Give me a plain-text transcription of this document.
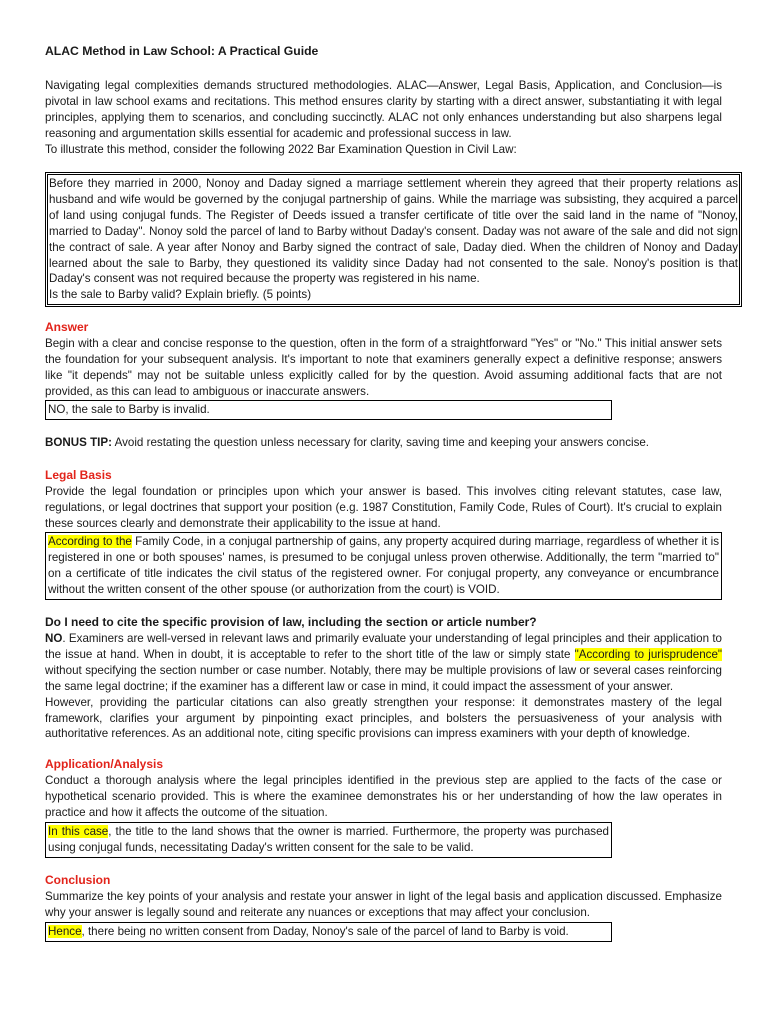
ALAC Method in Law School: A Practical Guide

Navigating legal complexities demands structured methodologies. ALAC—Answer, Legal Basis, Application, and Conclusion—is pivotal in law school exams and recitations. This method ensures clarity by starting with a direct answer, substantiating it with legal principles, applying them to scenarios, and concluding succinctly. ALAC not only enhances understanding but also sharpens legal reasoning and argumentation skills essential for academic and professional success in law.

To illustrate this method, consider the following 2022 Bar Examination Question in Civil Law:

Before they married in 2000, Nonoy and Daday signed a marriage settlement wherein they agreed that their property relations as husband and wife would be governed by the conjugal partnership of gains. While the marriage was subsisting, they acquired a parcel of land using conjugal funds. The Register of Deeds issued a transfer certificate of title over the said land in the name of "Nonoy, married to Daday". Nonoy sold the parcel of land to Barby without Daday's consent. Daday was not aware of the sale and did not sign the contract of sale. A year after Nonoy and Barby signed the contract of sale, Daday died. When the children of Nonoy and Daday learned about the sale to Barby, they questioned its validity since Daday had not consented to the sale. Nonoy's position is that Daday's consent was not required because the property was registered in his name.
Is the sale to Barby valid? Explain briefly. (5 points)
Answer

Begin with a clear and concise response to the question, often in the form of a straightforward "Yes" or "No." This initial answer sets the foundation for your subsequent analysis. It's important to note that examiners generally expect a definitive response; answers like "it depends" may not be suitable unless explicitly called for by the question. Avoid assuming additional facts that are not provided, as this can lead to ambiguous or inaccurate answers.

NO, the sale to Barby is invalid.

BONUS TIP: Avoid restating the question unless necessary for clarity, saving time and keeping your answers concise.

Legal Basis

Provide the legal foundation or principles upon which your answer is based. This involves citing relevant statutes, case law, regulations, or legal doctrines that support your position (e.g. 1987 Constitution, Family Code, Rules of Court). It's crucial to explain these sources clearly and demonstrate their applicability to the issue at hand.

According to the Family Code, in a conjugal partnership of gains, any property acquired during marriage, regardless of whether it is registered in one or both spouses' names, is presumed to be conjugal unless proven otherwise. Additionally, the term "married to" on a certificate of title indicates the civil status of the registered owner. For conjugal property, any conveyance or encumbrance without the written consent of the other spouse (or authorization from the court) is VOID.
Do I need to cite the specific provision of law, including the section or article number?

NO. Examiners are well-versed in relevant laws and primarily evaluate your understanding of legal principles and their application to the issue at hand. When in doubt, it is acceptable to refer to the short title of the law or simply state "According to jurisprudence" without specifying the section number or case number. Notably, there may be multiple provisions of law or several cases reinforcing the same legal doctrine; if the examiner has a different law or case in mind, it could impact the assessment of your answer.

However, providing the particular citations can also greatly strengthen your response: it demonstrates mastery of the legal framework, clarifies your argument by pinpointing exact principles, and bolsters the persuasiveness of your analysis with authoritative references. As an additional note, citing specific provisions can impress examiners with your depth of knowledge.

Application/Analysis

Conduct a thorough analysis where the legal principles identified in the previous step are applied to the facts of the case or hypothetical scenario provided. This is where the examinee demonstrates his or her understanding of how the law operates in practice and how it affects the outcome of the situation.

In this case, the title to the land shows that the owner is married. Furthermore, the property was purchased using conjugal funds, necessitating Daday's written consent for the sale to be valid.
Conclusion

Summarize the key points of your analysis and restate your answer in light of the legal basis and application discussed. Emphasize why your answer is legally sound and reiterate any nuances or exceptions that may affect your conclusion.

Hence, there being no written consent from Daday, Nonoy's sale of the parcel of land to Barby is void.
